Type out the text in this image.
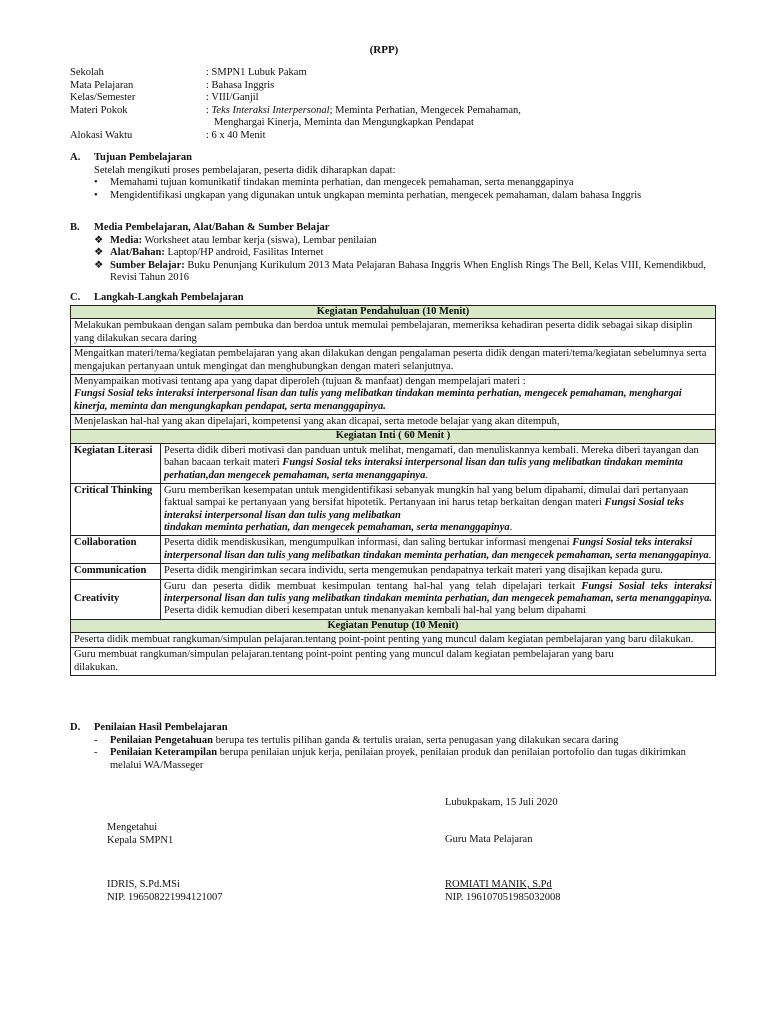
(RPP)
Sekolah	: SMPN1 Lubuk Pakam
Mata Pelajaran	: Bahasa Inggris
Kelas/Semester	: VIII/Ganjil
Materi Pokok	: Teks Interaksi Interpersonal; Meminta Perhatian, Mengecek Pemahaman,
Menghargai Kinerja, Meminta dan Mengungkapkan Pendapat
Alokasi Waktu	: 6 x 40 Menit
A. Tujuan Pembelajaran
Setelah mengikuti proses pembelajaran, peserta didik diharapkan dapat:
•	Memahami tujuan komunikatif tindakan meminta perhatian, dan mengecek pemahaman, serta menanggapinya
•	Mengidentifikasi ungkapan yang digunakan untuk ungkapan meminta perhatian, mengecek pemahaman, dalam bahasa Inggris
B. Media Pembelajaran, Alat/Bahan & Sumber Belajar
❖ Media: Worksheet atau lembar kerja (siswa), Lembar penilaian
❖ Alat/Bahan: Laptop/HP android, Fasilitas Internet
❖ Sumber Belajar: Buku Penunjang Kurikulum 2013 Mata Pelajaran Bahasa Inggris When English Rings The Bell, Kelas VIII, Kemendikbud, Revisi Tahun 2016
C. Langkah-Langkah Pembelajaran
Kegiatan Pendahuluan (10 Menit)	
Melakukan pembukaan dengan salam pembuka dan berdoa untuk memulai pembelajaran, memeriksa kehadiran peserta didik sebagai sikap disiplin yang dilakukan secara daring	
Mengaitkan materi/tema/kegiatan pembelajaran yang akan dilakukan dengan pengalaman peserta didik dengan materi/tema/kegiatan sebelumnya serta mengajukan pertanyaan untuk mengingat dan menghubungkan dengan materi selanjutnya.	
Menyampaikan motivasi tentang apa yang dapat diperoleh (tujuan & manfaat) dengan mempelajari materi :
Fungsi Sosial teks interaksi interpersonal lisan dan tulis yang melibatkan tindakan meminta perhatian, mengecek pemahaman, menghargai kinerja, meminta dan mengungkapkan pendapat, serta menanggapinya.	
Menjelaskan hal-hal yang akan dipelajari, kompetensi yang akan dicapai, serta metode belajar yang akan ditempuh,	
Kegiatan Inti ( 60 Menit )	
Kegiatan Literasi	Peserta didik diberi motivasi dan panduan untuk melihat, mengamati, dan menuliskannya kembali. Mereka diberi tayangan dan bahan bacaan terkait materi Fungsi Sosial teks interaksi interpersonal lisan dan tulis yang melibatkan tindakan meminta perhatian,dan mengecek pemahaman, serta menanggapinya.
Critical Thinking	Guru memberikan kesempatan untuk mengidentifikasi sebanyak mungkin hal yang belum dipahami, dimulai dari pertanyaan faktual sampai ke pertanyaan yang bersifat hipotetik. Pertanyaan ini harus tetap berkaitan dengan materi Fungsi Sosial teks interaksi interpersonal lisan dan tulis yang melibatkan
tindakan meminta perhatian, dan mengecek pemahaman, serta menanggapinya.
Collaboration	Peserta didik mendiskusikan, mengumpulkan informasi, dan saling bertukar informasi mengenai Fungsi Sosial teks interaksi interpersonal lisan dan tulis yang melibatkan tindakan meminta perhatian, dan mengecek pemahaman, serta menanggapinya.
Communication	Peserta didik mengirimkan secara individu, serta mengemukan pendapatnya terkait materi yang disajikan kepada guru.
Creativity	Guru dan peserta didik membuat kesimpulan tentang hal-hal yang telah dipelajari terkait Fungsi Sosial teks interaksi interpersonal lisan dan tulis yang melibatkan tindakan meminta perhatian, dan mengecek pemahaman, serta menanggapinya. Peserta didik kemudian diberi kesempatan untuk menanyakan kembali hal-hal yang belum dipahami
Kegiatan Penutup (10 Menit)	
Peserta didik membuat rangkuman/simpulan pelajaran.tentang point-point penting yang muncul dalam kegiatan pembelajaran yang baru dilakukan.	
Guru membuat rangkuman/simpulan pelajaran.tentang point-point penting yang muncul dalam kegiatan pembelajaran yang baru
dilakukan.	
D. Penilaian Hasil Pembelajaran
-	Penilaian Pengetahuan berupa tes tertulis pilihan ganda & tertulis uraian, serta penugasan yang dilakukan secara daring
-	Penilaian Keterampilan berupa penilaian unjuk kerja, penilaian proyek, penilaian produk dan penilaian portofolio dan tugas dikirimkan melalui WA/Masseger
Lubukpakam, 15 Juli 2020
Mengetahui
Kepala SMPN1	Guru Mata Pelajaran
IDRIS, S.Pd.MSi
NIP. 196508221994121007
ROMIATI MANIK, S.Pd
NIP. 196107051985032008
